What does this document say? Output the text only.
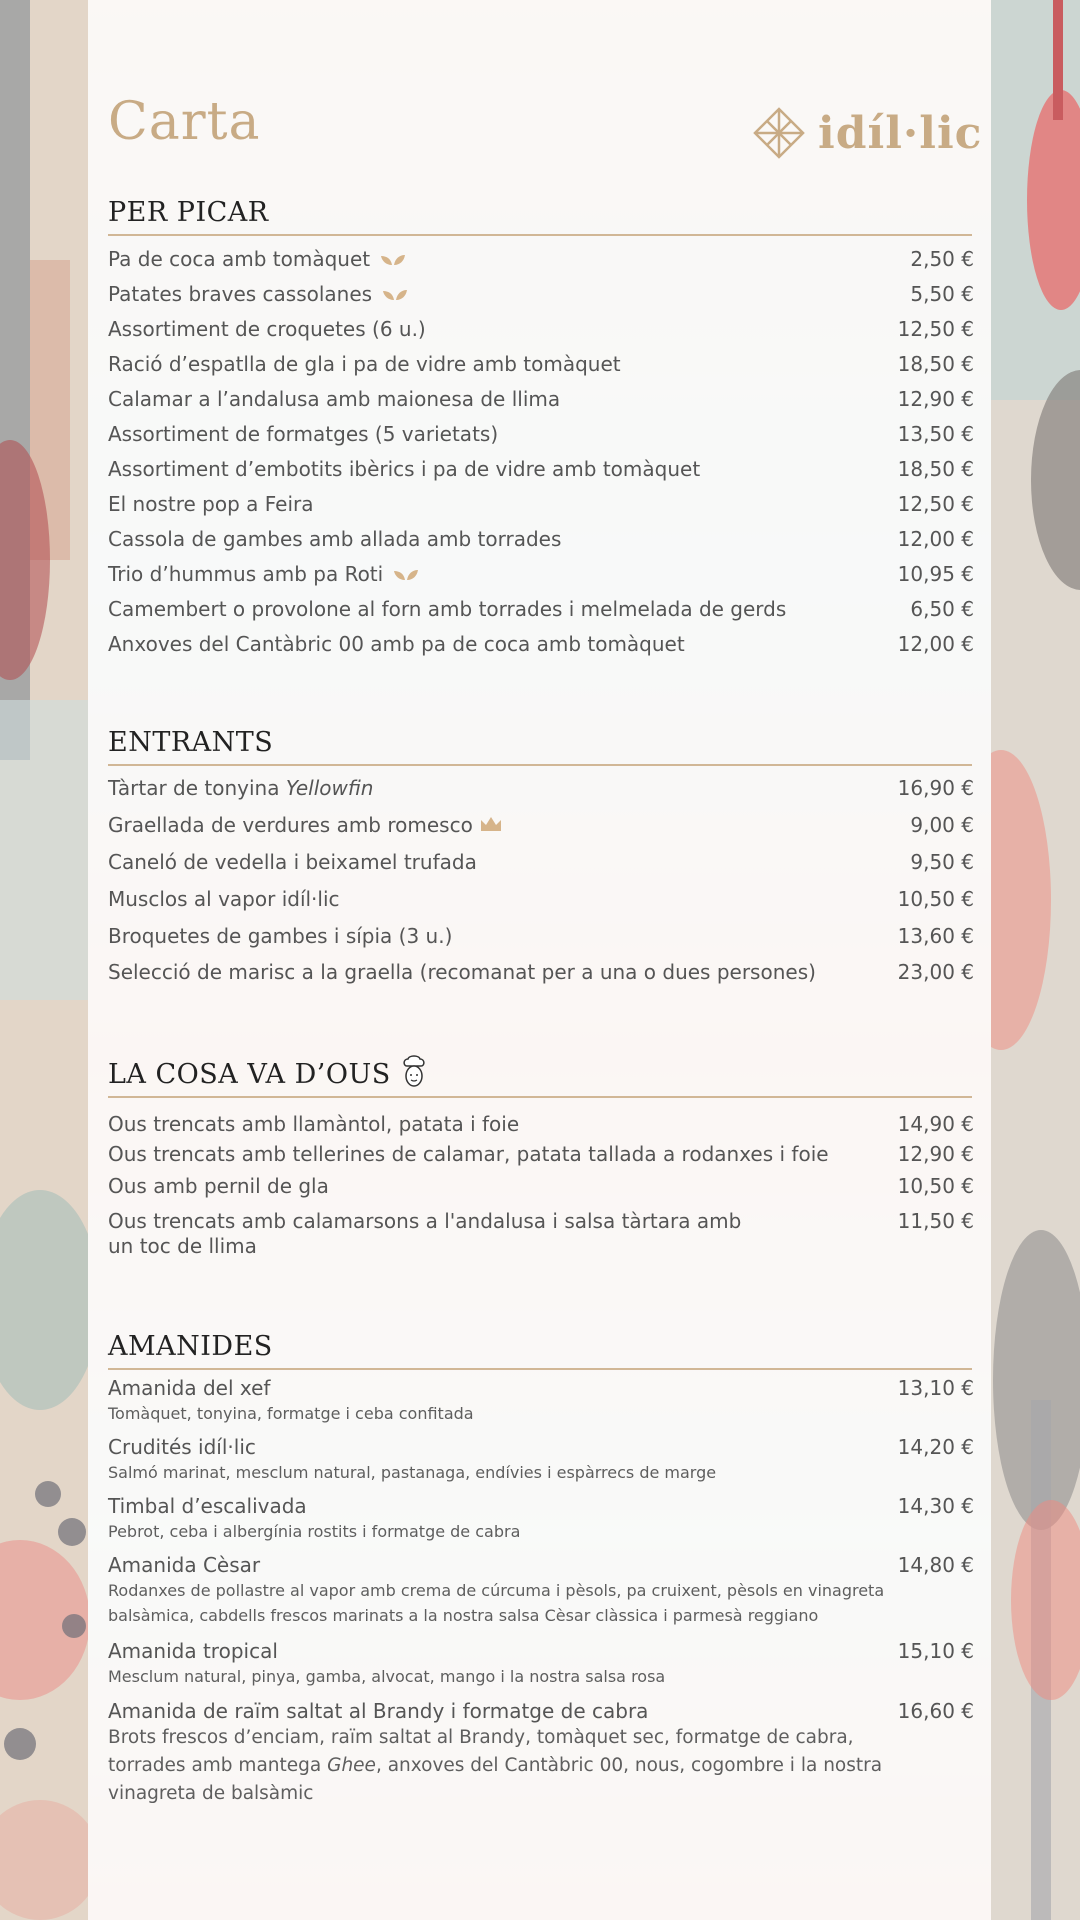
Carta	idíl·lic
PER PICAR
Pa de coca amb tomàquet	2,50 €
Patates braves cassolanes	5,50 €
Assortiment de croquetes (6 u.)	12,50 €
Ració d’espatlla de gla i pa de vidre amb tomàquet	18,50 €
Calamar a l’andalusa amb maionesa de llima	12,90 €
Assortiment de formatges (5 varietats)	13,50 €
Assortiment d’embotits ibèrics i pa de vidre amb tomàquet	18,50 €
El nostre pop a Feira	12,50 €
Cassola de gambes amb allada amb torrades	12,00 €
Trio d’hummus amb pa Roti	10,95 €
Camembert o provolone al forn amb torrades i melmelada de gerds	6,50 €
Anxoves del Cantàbric 00 amb pa de coca amb tomàquet	12,00 €
ENTRANTS
Tàrtar de tonyina Yellowfin	16,90 €
Graellada de verdures amb romesco	9,00 €
Caneló de vedella i beixamel trufada	9,50 €
Musclos al vapor idíl·lic	10,50 €
Broquetes de gambes i sípia (3 u.)	13,60 €
Selecció de marisc a la graella (recomanat per a una o dues persones)	23,00 €
LA COSA VA D’OUS
Ous trencats amb llamàntol, patata i foie	14,90 €
Ous trencats amb tellerines de calamar, patata tallada a rodanxes i foie	12,90 €
Ous amb pernil de gla	10,50 €
Ous trencats amb calamarsons a l'andalusa i salsa tàrtara amb
un toc de llima
11,50 €
AMANIDES
Amanida del xef	13,10 €
Tomàquet, tonyina, formatge i ceba confitada
Crudités idíl·lic	14,20 €
Salmó marinat, mesclum natural, pastanaga, endívies i espàrrecs de marge
Timbal d’escalivada	14,30 €
Pebrot, ceba i albergínia rostits i formatge de cabra
Amanida Cèsar	14,80 €
Rodanxes de pollastre al vapor amb crema de cúrcuma i pèsols, pa cruixent, pèsols en vinagreta
balsàmica, cabdells frescos marinats a la nostra salsa Cèsar clàssica i parmesà reggiano
Amanida tropical	15,10 €
Mesclum natural, pinya, gamba, alvocat, mango i la nostra salsa rosa
Amanida de raïm saltat al Brandy i formatge de cabra	16,60 €
Brots frescos d’enciam, raïm saltat al Brandy, tomàquet sec, formatge de cabra,
torrades amb mantega Ghee, anxoves del Cantàbric 00, nous, cogombre i la nostra
vinagreta de balsàmic
